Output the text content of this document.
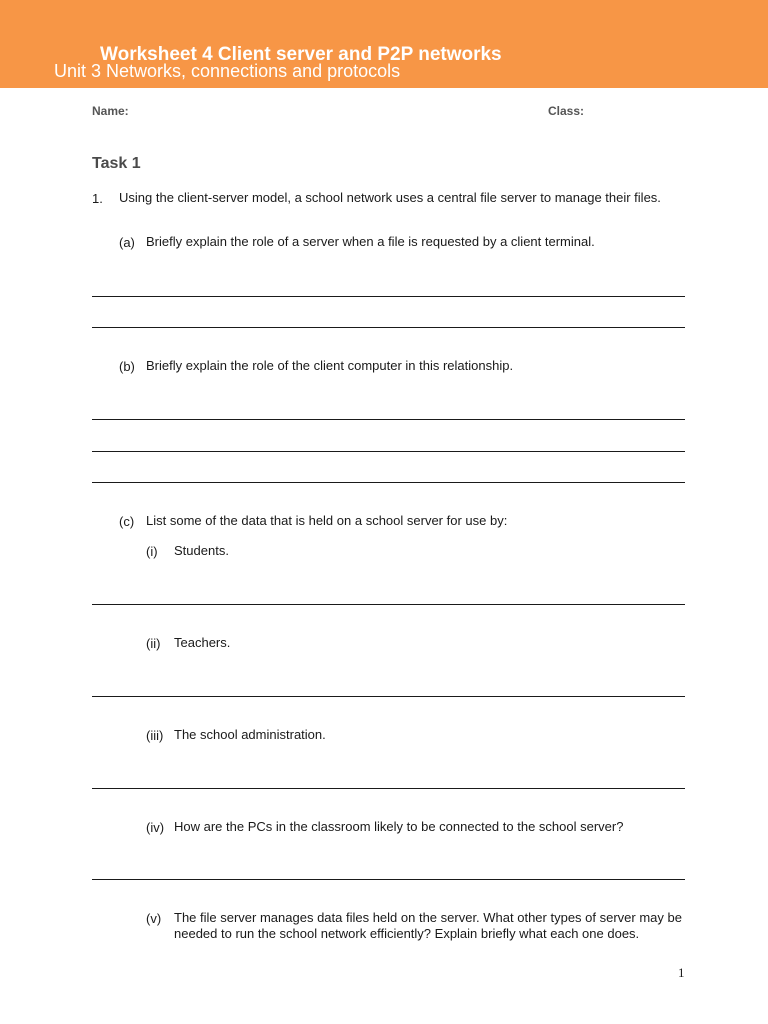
Worksheet 4 Client server and P2P networks
Unit 3 Networks, connections and protocols
Name:	Class:
Task 1
1. Using the client-server model, a school network uses a central file server to manage their files.
(a) Briefly explain the role of a server when a file is requested by a client terminal.
(b) Briefly explain the role of the client computer in this relationship.
(c) List some of the data that is held on a school server for use by:
(i) Students.
(ii) Teachers.
(iii) The school administration.
(iv) How are the PCs in the classroom likely to be connected to the school server?
(v) The file server manages data files held on the server. What other types of server may be needed to run the school network efficiently? Explain briefly what each one does.
1
